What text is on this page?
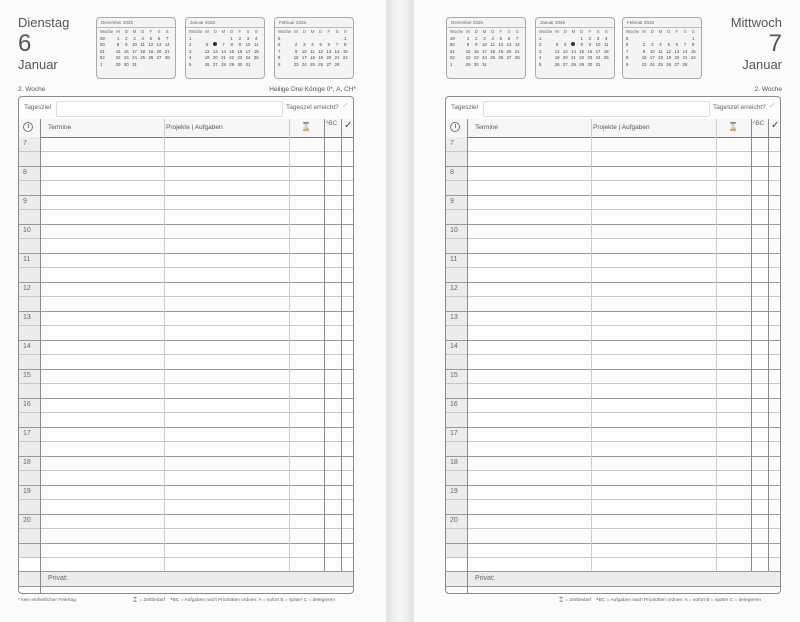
Dienstag
6
Januar
Dezember 2025
Woche	M	D	M	D	F	S	S
49	1	2	3	4	5	6	7
50	8	9	10	11	12	13	14
51	15	16	17	18	19	20	21
52	22	23	24	25	26	27	28
1	29	30	31				
Januar 2026
Woche	M	D	M	D	F	S	S
1				1	2	3	4
2	5		7	8	9	10	11
3	12	13	14	15	16	17	18
4	19	20	21	22	23	24	25
5	26	27	28	29	30	31	
Februar 2026
Woche	M	D	M	D	F	S	S
5							1
6	2	3	4	5	6	7	8
7	9	10	11	12	13	14	15
8	16	17	18	19	20	21	22
9	23	24	25	26	27	28	
2. Woche	Heilige Drei Könige 0*, A, CH*
Tagesziel	Tageszel erreicht? ✓
Termine	Projekte | Aufgaben	⌛	ᴬBC ✓
7
8
9
10
11
12
13
14
15
16
17
18
19
20
Privat:
* kein einheitlicher Feiertag	⌛ = Zeitbedarf ᴬBC = Aufgaben nach Prioritäten ordnen: A = sofort B = später C = delegieren
Dezember 2025
Woche	M	D	M	D	F	S	S
49	1	2	3	4	5	6	7
50	8	9	10	11	12	13	14
51	15	16	17	18	19	20	21
52	22	23	24	25	26	27	28
1	29	30	31				
Januar 2026
Woche	M	D	M	D	F	S	S
1				1	2	3	4
2	5	6		8	9	10	11
3	12	13	14	15	16	17	18
4	19	20	21	22	23	24	25
5	26	27	28	29	30	31	
Februar 2026
Woche	M	D	M	D	F	S	S
5							1
6	2	3	4	5	6	7	8
7	9	10	11	12	13	14	15
8	16	17	18	19	20	21	22
9	23	24	25	26	27	28	
Mittwoch
7
Januar
2. Woche
Tagesziel	Tageszel erreicht? ✓
Termine	Projekte | Aufgaben	⌛	ᴬBC ✓
7
8
9
10
11
12
13
14
15
16
17
18
19
20
Privat:
⌛ = Zeitbedarf ᴬBC = Aufgaben nach Prioritäten ordnen: A = sofort B = später C = delegieren
